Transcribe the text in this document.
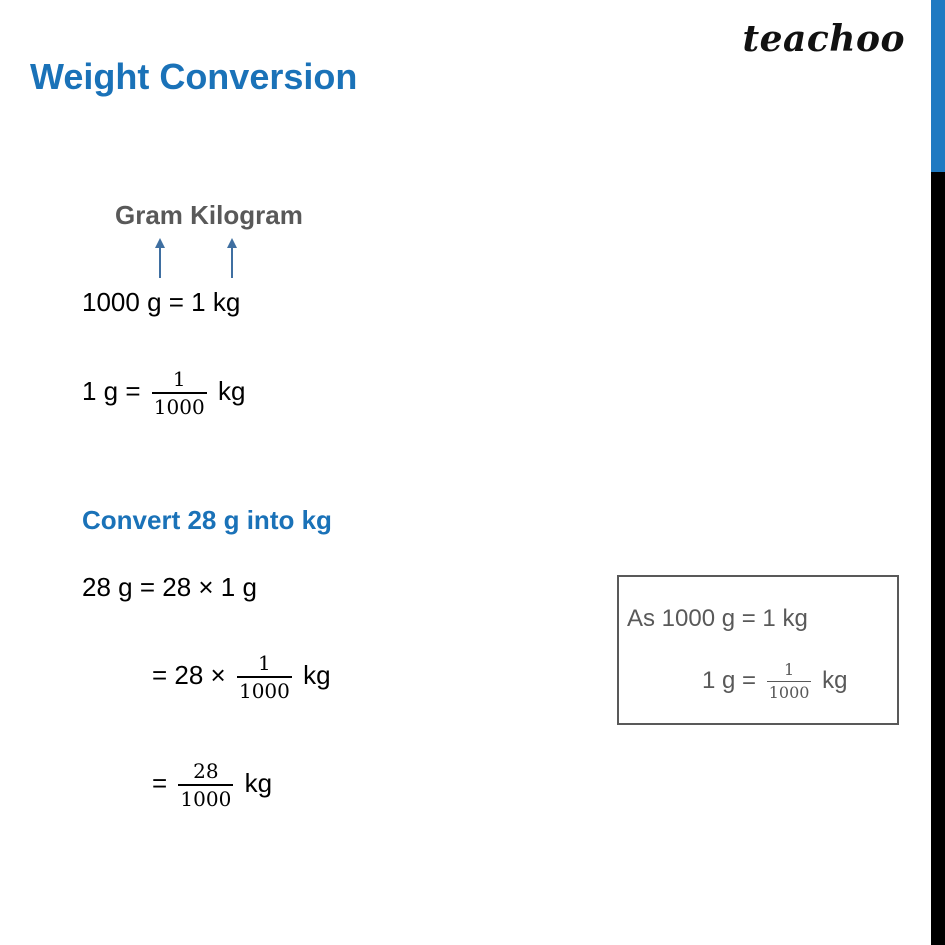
Weight Conversion
teachoo
Gram Kilogram
1000 g = 1 kg
1 $g = \frac{1}{1000}$ kg
Convert 28 g into kg
28 g = 28 × 1 g
= $28 \times \frac{1}{1000}$ kg
= $\frac{28}{1000}$ kg
As 1000 g = 1 kg
1 $g = \frac{1}{1000}$ kg
